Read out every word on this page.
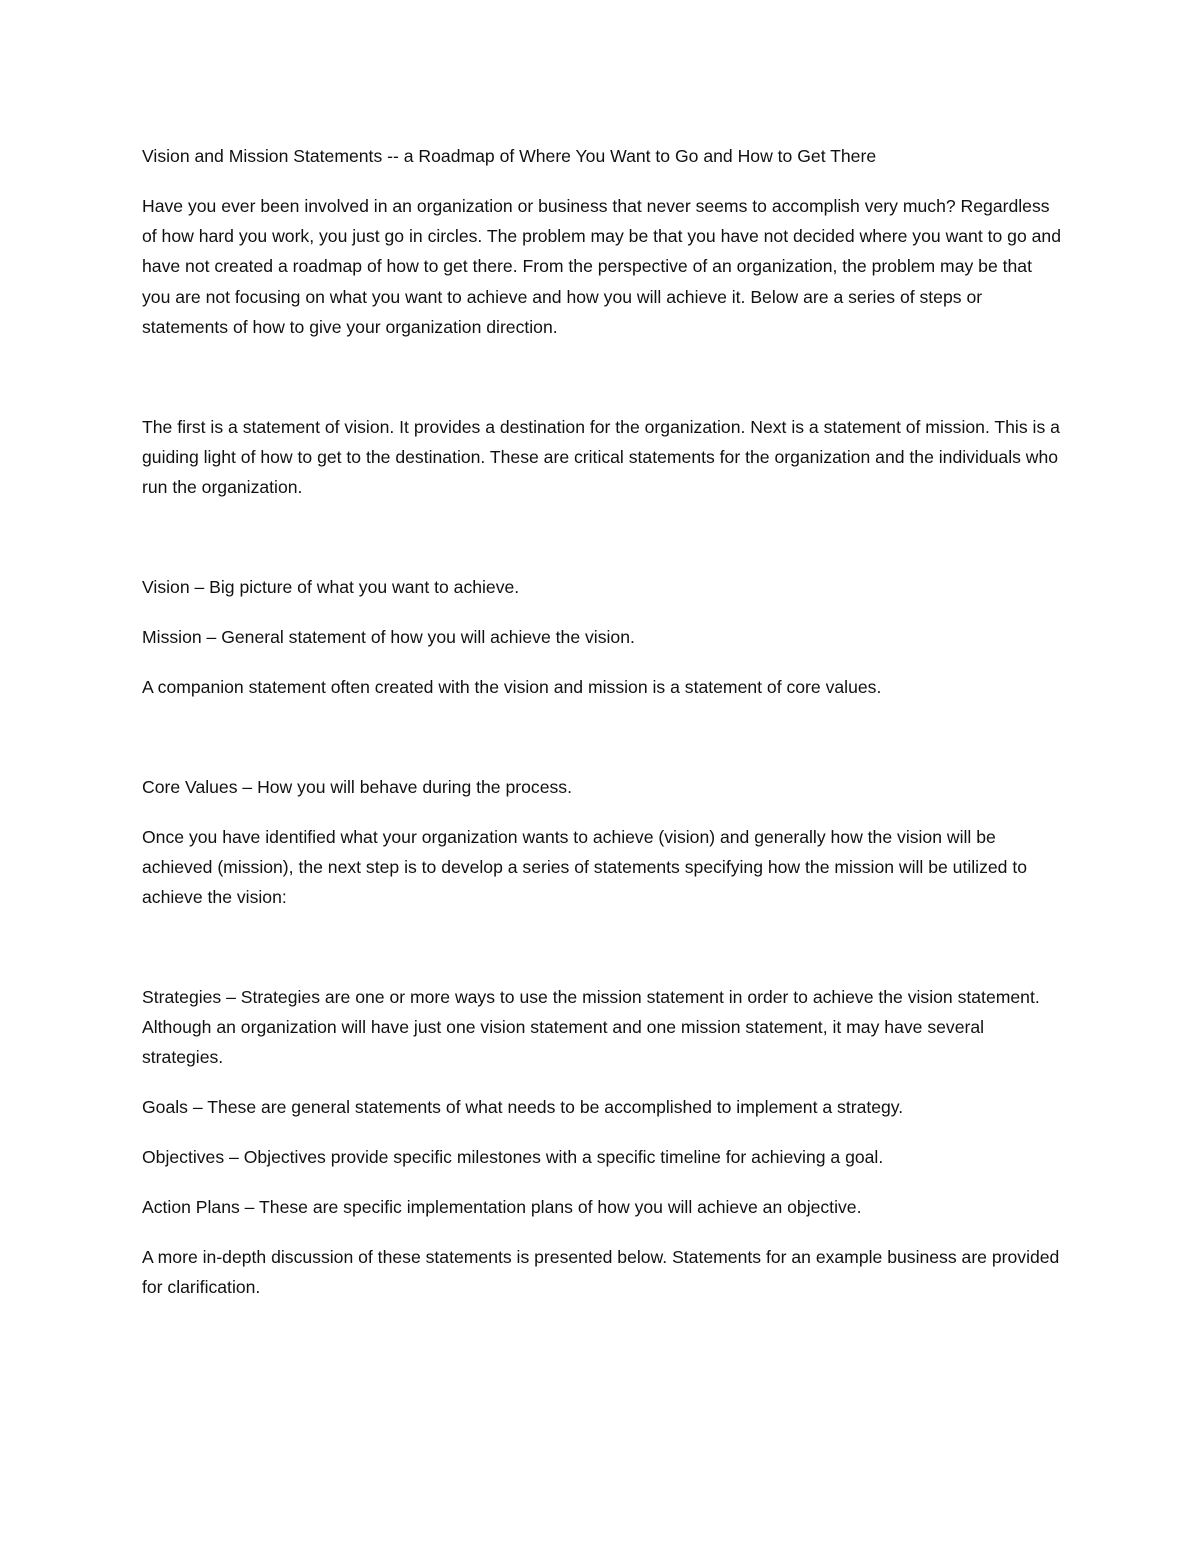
Vision and Mission Statements -- a Roadmap of Where You Want to Go and How to Get There

Have you ever been involved in an organization or business that never seems to accomplish very much? Regardless of how hard you work, you just go in circles. The problem may be that you have not decided where you want to go and have not created a roadmap of how to get there. From the perspective of an organization, the problem may be that you are not focusing on what you want to achieve and how you will achieve it. Below are a series of steps or statements of how to give your organization direction.

The first is a statement of vision. It provides a destination for the organization. Next is a statement of mission. This is a guiding light of how to get to the destination. These are critical statements for the organization and the individuals who run the organization.

Vision – Big picture of what you want to achieve.

Mission – General statement of how you will achieve the vision.

A companion statement often created with the vision and mission is a statement of core values.

Core Values – How you will behave during the process.

Once you have identified what your organization wants to achieve (vision) and generally how the vision will be achieved (mission), the next step is to develop a series of statements specifying how the mission will be utilized to achieve the vision:

Strategies – Strategies are one or more ways to use the mission statement in order to achieve the vision statement. Although an organization will have just one vision statement and one mission statement, it may have several strategies.

Goals – These are general statements of what needs to be accomplished to implement a strategy.

Objectives – Objectives provide specific milestones with a specific timeline for achieving a goal.

Action Plans – These are specific implementation plans of how you will achieve an objective.

A more in-depth discussion of these statements is presented below. Statements for an example business are provided for clarification.
